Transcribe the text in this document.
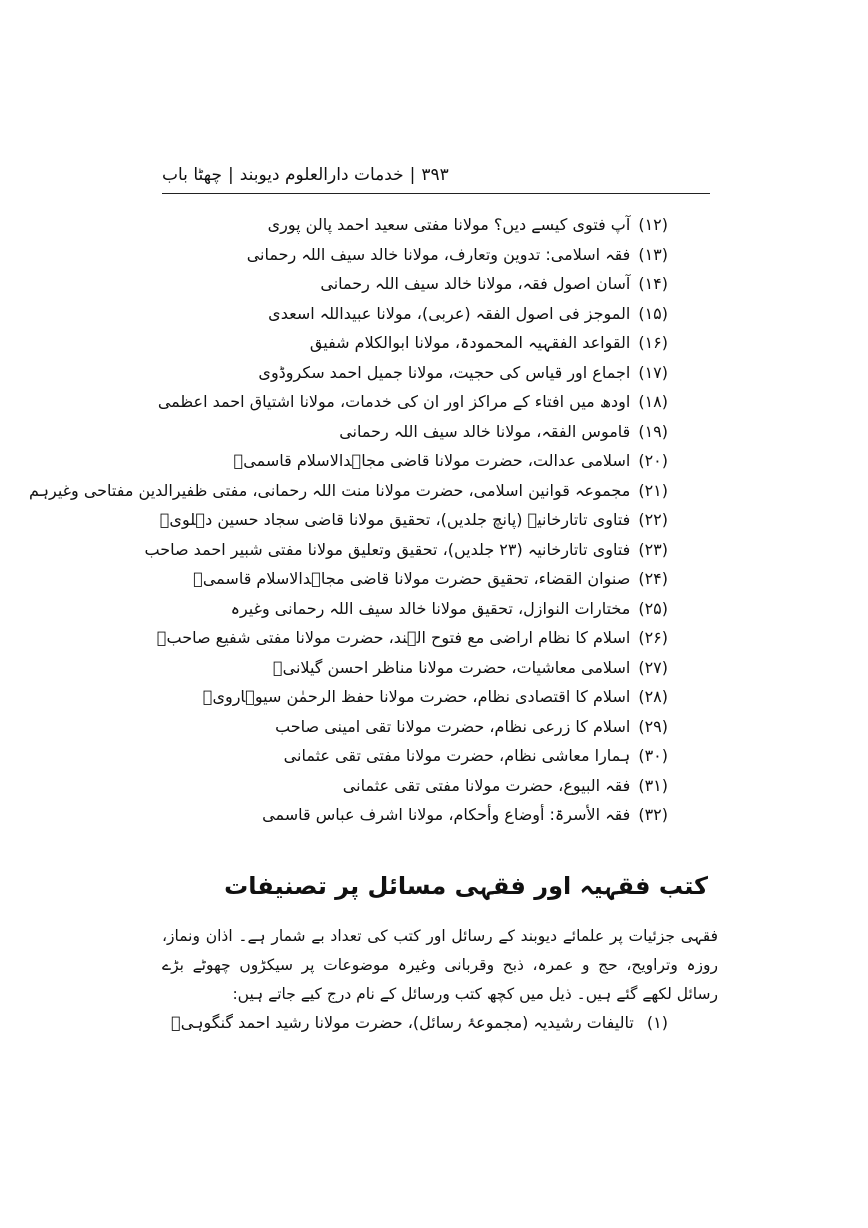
چھٹا باب | خدمات دارالعلوم دیوبند | ۳۹۳
(۱۲)آپ فتوی کیسے دیں؟ مولانا مفتی سعید احمد پالن پوری
(۱۳)فقہ اسلامی: تدوین وتعارف، مولانا خالد سیف اللہ رحمانی
(۱۴)آسان اصول فقہ، مولانا خالد سیف اللہ رحمانی
(۱۵)الموجز فی اصول الفقہ (عربی)، مولانا عبیداللہ اسعدی
(۱۶)القواعد الفقہیہ المحمودۃ، مولانا ابوالکلام شفیق
(۱۷)اجماع اور قیاس کی حجیت، مولانا جمیل احمد سکروڈوی
(۱۸)اودھ میں افتاء کے مراکز اور ان کی خدمات، مولانا اشتیاق احمد اعظمی
(۱۹)قاموس الفقہ، مولانا خالد سیف اللہ رحمانی
(۲۰)اسلامی عدالت، حضرت مولانا قاضی مجاہدالاسلام قاسمیؒ
(۲۱)مجموعہ قوانین اسلامی، حضرت مولانا منت اللہ رحمانی، مفتی ظفیرالدین مفتاحی وغیرہم
(۲۲)فتاوی تاتارخانیہ (پانچ جلدیں)، تحقیق مولانا قاضی سجاد حسین دہلویؒ
(۲۳)فتاوی تاتارخانیہ (۲۳ جلدیں)، تحقیق وتعلیق مولانا مفتی شبیر احمد صاحب
(۲۴)صنوان القضاء، تحقیق حضرت مولانا قاضی مجاہدالاسلام قاسمیؒ
(۲۵)مختارات النوازل، تحقیق مولانا خالد سیف اللہ رحمانی وغیرہ
(۲۶)اسلام کا نظام اراضی مع فتوح الہند، حضرت مولانا مفتی شفیع صاحبؒ
(۲۷)اسلامی معاشیات، حضرت مولانا مناظر احسن گیلانیؒ
(۲۸)اسلام کا اقتصادی نظام، حضرت مولانا حفظ الرحمٰن سیوہارویؒ
(۲۹)اسلام کا زرعی نظام، حضرت مولانا تقی امینی صاحب
(۳۰)ہمارا معاشی نظام، حضرت مولانا مفتی تقی عثمانی
(۳۱)فقہ البیوع، حضرت مولانا مفتی تقی عثمانی
(۳۲)فقہ الأسرۃ: أوضاع وأحکام، مولانا اشرف عباس قاسمی
کتب فقہیہ اور فقہی مسائل پر تصنیفات

فقہی جزئیات پر علمائے دیوبند کے رسائل اور کتب کی تعداد بے شمار ہے۔ اذان ونماز، روزہ وتراویح، حج و عمرہ، ذبح وقربانی وغیرہ موضوعات پر سیکڑوں چھوٹے بڑے رسائل لکھے گئے ہیں۔ ذیل میں کچھ کتب ورسائل کے نام درج کیے جاتے ہیں:

(۱) تالیفات رشیدیہ (مجموعۂ رسائل)، حضرت مولانا رشید احمد گنگوہیؒ
